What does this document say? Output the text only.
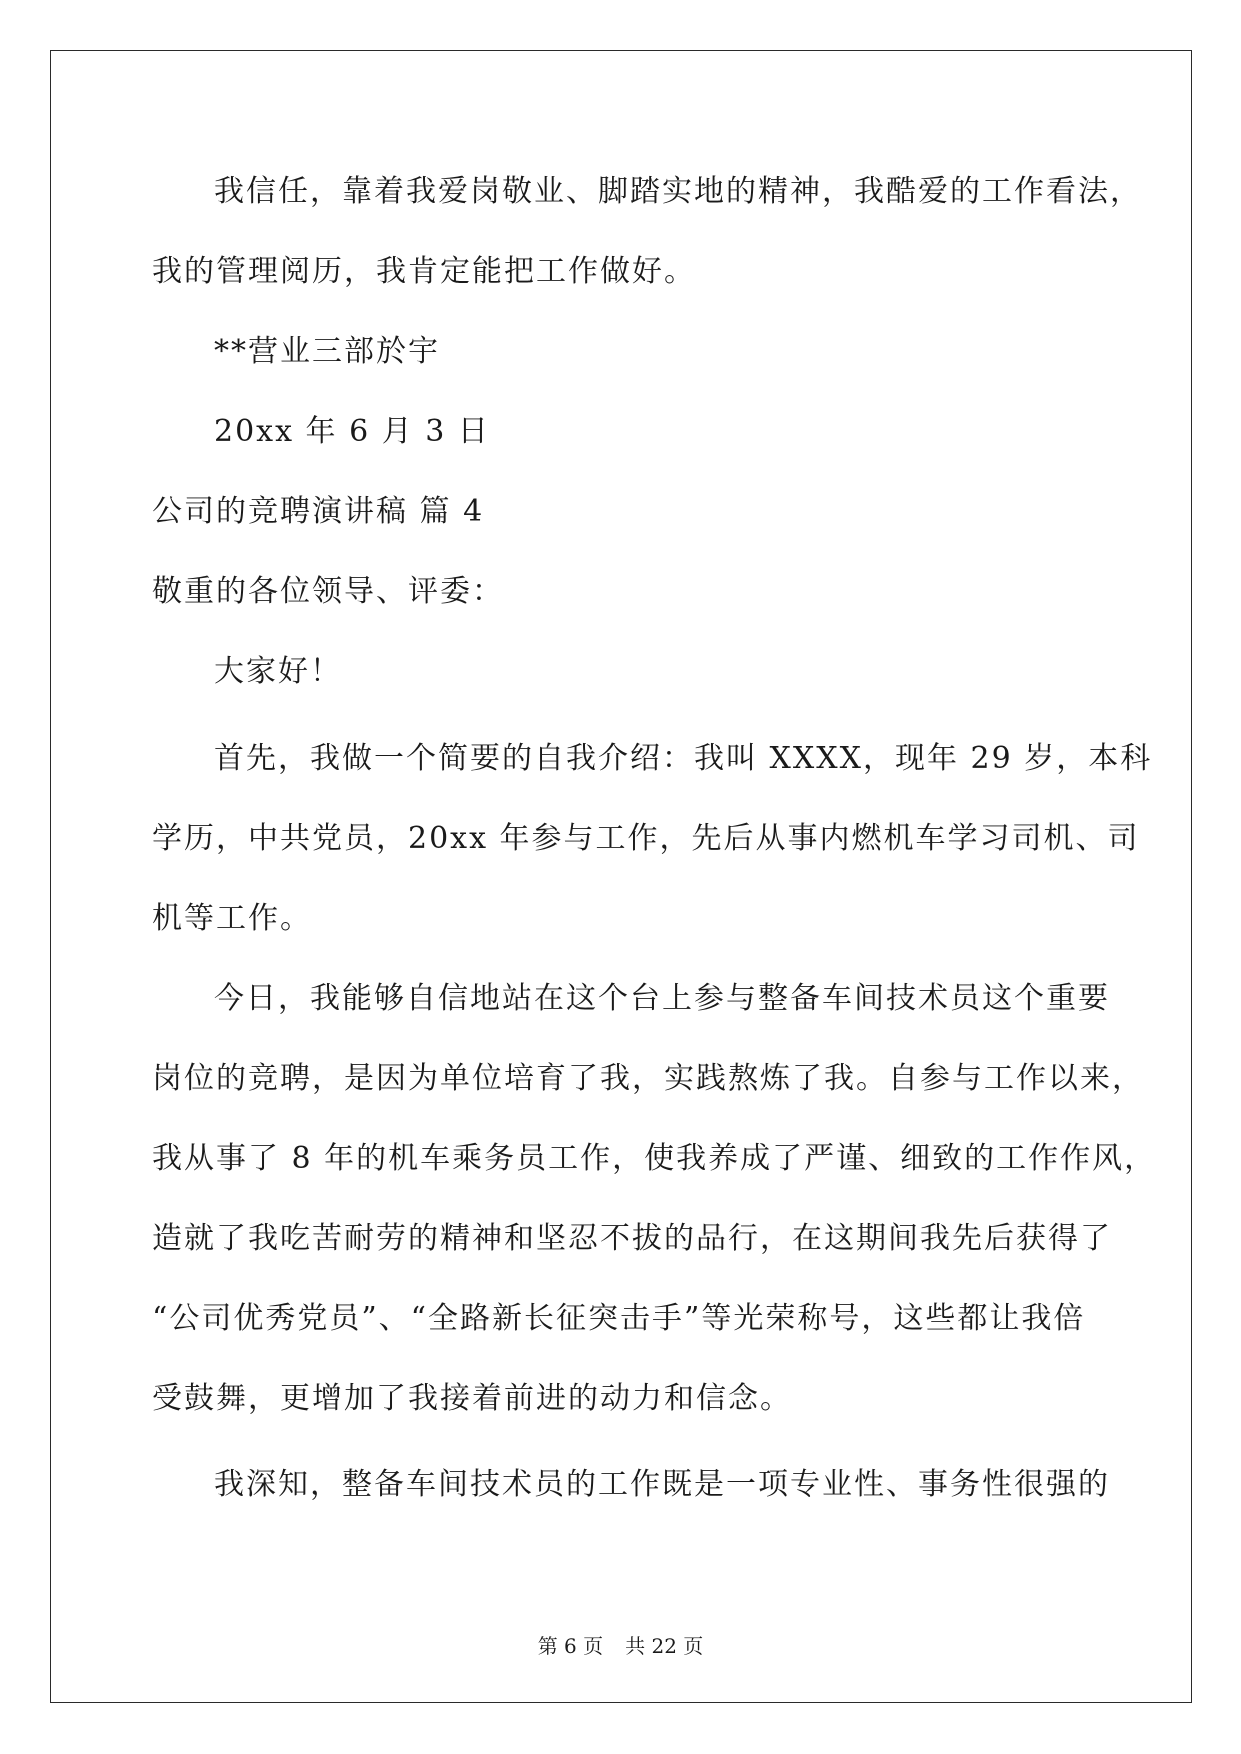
我信任，靠着我爱岗敬业、脚踏实地的精神，我酷爱的工作看法，
我的管理阅历，我肯定能把工作做好。
**营业三部於宇
20xx 年 6 月 3 日
公司的竞聘演讲稿 篇 4
敬重的各位领导、评委：
大家好！
首先，我做一个简要的自我介绍：我叫 XXXX，现年 29 岁，本科
学历，中共党员，20xx 年参与工作，先后从事内燃机车学习司机、司
机等工作。
今日，我能够自信地站在这个台上参与整备车间技术员这个重要
岗位的竞聘，是因为单位培育了我，实践熬炼了我。自参与工作以来，
我从事了 8 年的机车乘务员工作，使我养成了严谨、细致的工作作风，
造就了我吃苦耐劳的精神和坚忍不拔的品行，在这期间我先后获得了
“公司优秀党员”、“全路新长征突击手”等光荣称号，这些都让我倍
受鼓舞，更增加了我接着前进的动力和信念。
我深知，整备车间技术员的工作既是一项专业性、事务性很强的
第 6 页 共 22 页
